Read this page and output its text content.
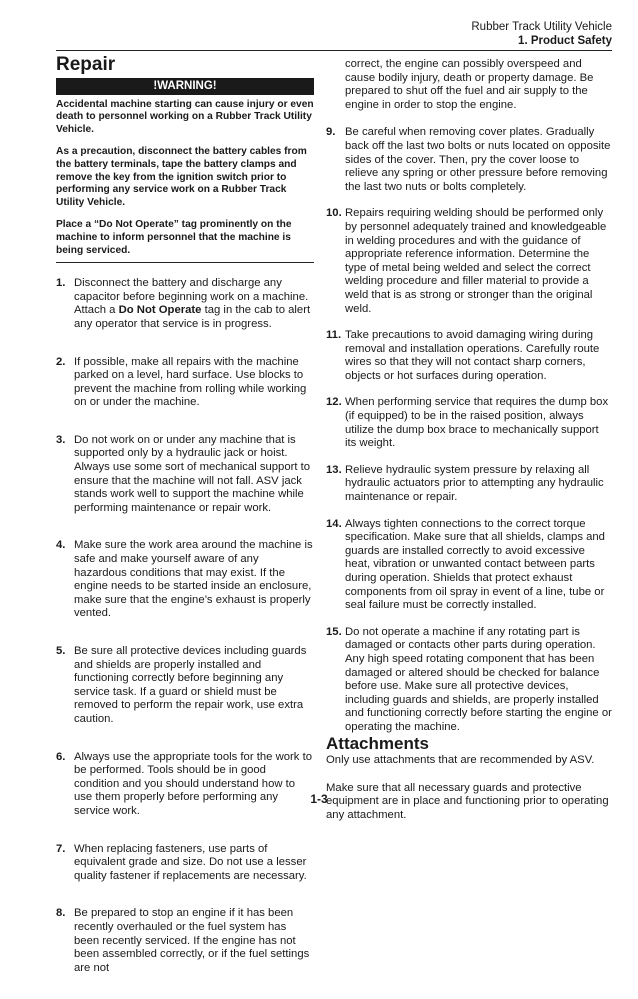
Rubber Track Utility Vehicle
1. Product Safety
Repair
!WARNING!

Accidental machine starting can cause injury or even death to personnel working on a Rubber Track Utility Vehicle.

As a precaution, disconnect the battery cables from the battery terminals, tape the battery clamps and remove the key from the ignition switch prior to performing any service work on a Rubber Track Utility Vehicle.

Place a “Do Not Operate” tag prominently on the machine to inform personnel that the machine is being serviced.

1. Disconnect the battery and discharge any capacitor before beginning work on a machine. Attach a Do Not Operate tag in the cab to alert any operator that service is in progress.
2. If possible, make all repairs with the machine parked on a level, hard surface. Use blocks to prevent the machine from rolling while working on or under the machine.
3. Do not work on or under any machine that is supported only by a hydraulic jack or hoist. Always use some sort of mechanical support to ensure that the machine will not fall. ASV jack stands work well to support the machine while performing maintenance or repair work.
4. Make sure the work area around the machine is safe and make yourself aware of any hazardous conditions that may exist. If the engine needs to be started inside an enclosure, make sure that the engine’s exhaust is properly vented.
5. Be sure all protective devices including guards and shields are properly installed and functioning correctly before beginning any service task. If a guard or shield must be removed to perform the repair work, use extra caution.
6. Always use the appropriate tools for the work to be performed. Tools should be in good condition and you should understand how to use them properly before performing any service work.
7. When replacing fasteners, use parts of equivalent grade and size. Do not use a lesser quality fastener if replacements are necessary.
8. Be prepared to stop an engine if it has been recently overhauled or the fuel system has been recently serviced. If the engine has not been assembled correctly, or if the fuel settings are not
correct, the engine can possibly overspeed and cause bodily injury, death or property damage. Be prepared to shut off the fuel and air supply to the engine in order to stop the engine.
9. Be careful when removing cover plates. Gradually back off the last two bolts or nuts located on opposite sides of the cover. Then, pry the cover loose to relieve any spring or other pressure before removing the last two nuts or bolts completely.
10. Repairs requiring welding should be performed only by personnel adequately trained and knowledgeable in welding procedures and with the guidance of appropriate reference information. Determine the type of metal being welded and select the correct welding procedure and filler material to provide a weld that is as strong or stronger than the original weld.
11. Take precautions to avoid damaging wiring during removal and installation operations. Carefully route wires so that they will not contact sharp corners, objects or hot surfaces during operation.
12. When performing service that requires the dump box (if equipped) to be in the raised position, always utilize the dump box brace to mechanically support its weight.
13. Relieve hydraulic system pressure by relaxing all hydraulic actuators prior to attempting any hydraulic maintenance or repair.
14. Always tighten connections to the correct torque specification. Make sure that all shields, clamps and guards are installed correctly to avoid excessive heat, vibration or unwanted contact between parts during operation. Shields that protect exhaust components from oil spray in event of a line, tube or seal failure must be correctly installed.
15. Do not operate a machine if any rotating part is damaged or contacts other parts during operation. Any high speed rotating component that has been damaged or altered should be checked for balance before use. Make sure all protective devices, including guards and shields, are properly installed and functioning correctly before starting the engine or operating the machine.
Attachments

Only use attachments that are recommended by ASV.

Make sure that all necessary guards and protective equipment are in place and functioning prior to operating any attachment.

1-3
